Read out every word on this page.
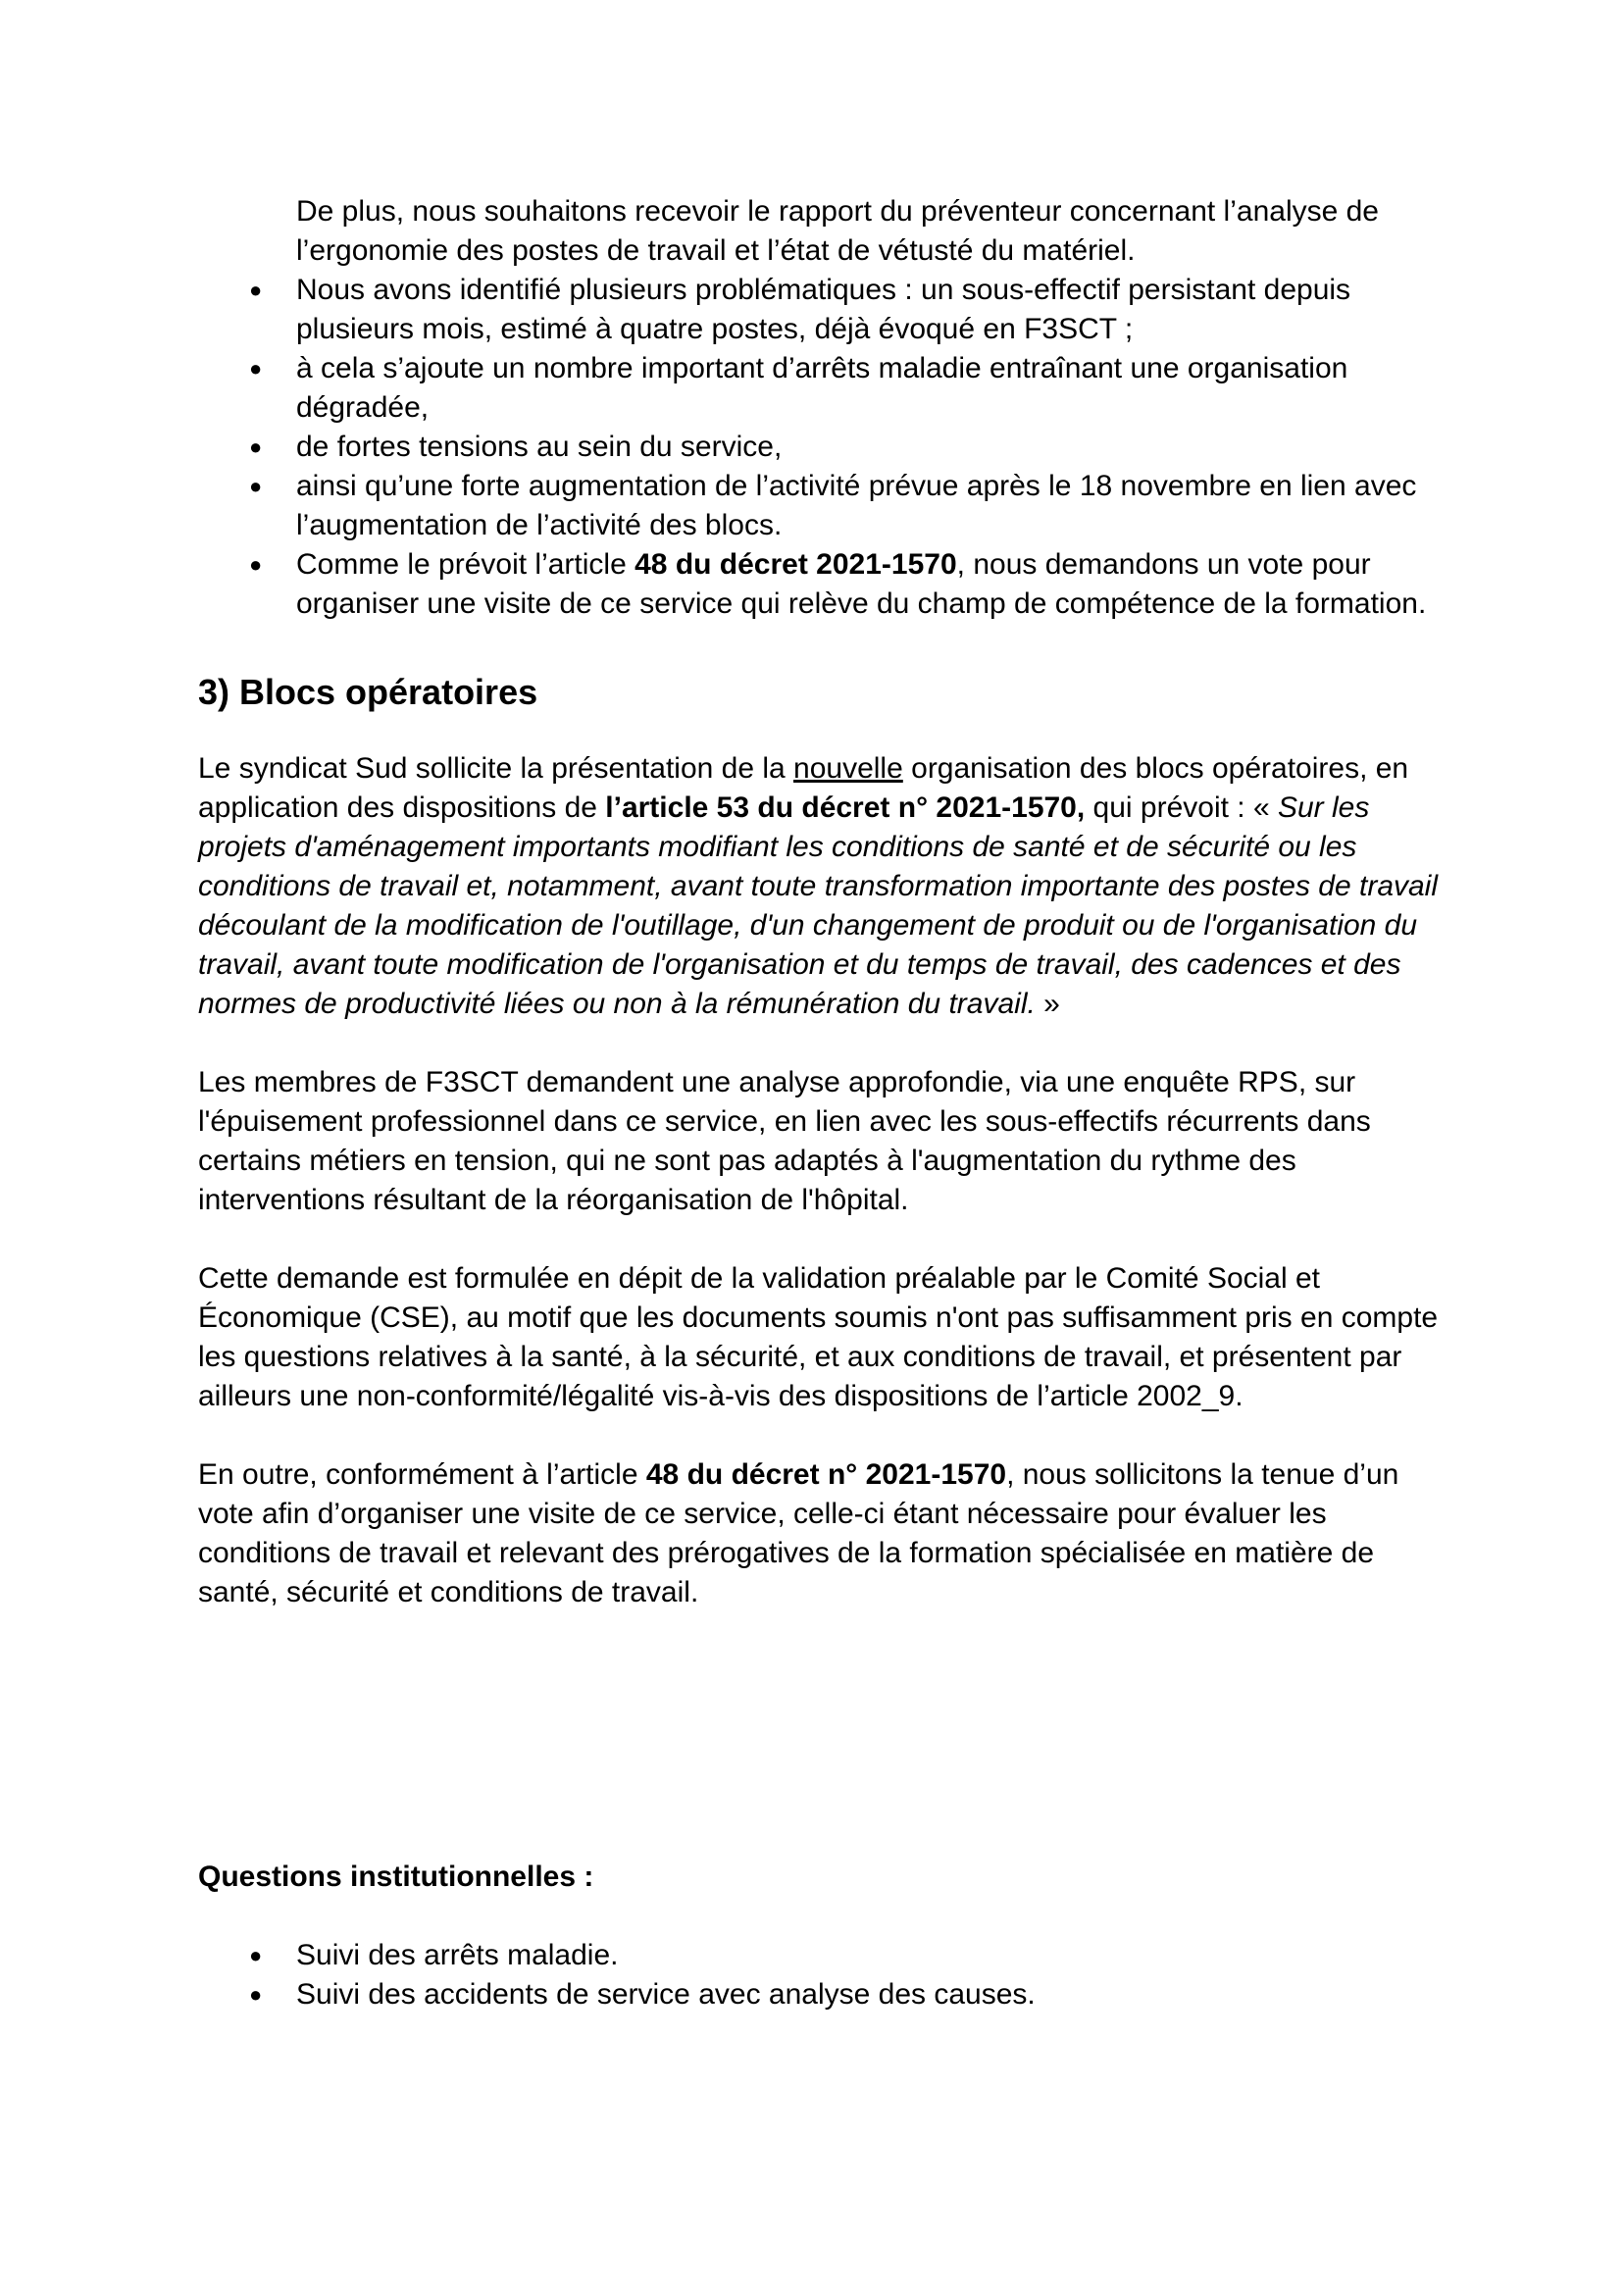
De plus, nous souhaitons recevoir le rapport du préventeur concernant l’analyse de l’ergonomie des postes de travail et l’état de vétusté du matériel.

● Nous avons identifié plusieurs problématiques : un sous-effectif persistant depuis plusieurs mois, estimé à quatre postes, déjà évoqué en F3SCT ;
● à cela s’ajoute un nombre important d’arrêts maladie entraînant une organisation dégradée,
● de fortes tensions au sein du service,
● ainsi qu’une forte augmentation de l’activité prévue après le 18 novembre en lien avec l’augmentation de l’activité des blocs.
● Comme le prévoit l’article 48 du décret 2021-1570, nous demandons un vote pour organiser une visite de ce service qui relève du champ de compétence de la formation.
3) Blocs opératoires

Le syndicat Sud sollicite la présentation de la nouvelle organisation des blocs opératoires, en application des dispositions de l’article 53 du décret n° 2021-1570, qui prévoit : « Sur les projets d'aménagement importants modifiant les conditions de santé et de sécurité ou les conditions de travail et, notamment, avant toute transformation importante des postes de travail découlant de la modification de l'outillage, d'un changement de produit ou de l'organisation du travail, avant toute modification de l'organisation et du temps de travail, des cadences et des normes de productivité liées ou non à la rémunération du travail. »

Les membres de F3SCT demandent une analyse approfondie, via une enquête RPS, sur l'épuisement professionnel dans ce service, en lien avec les sous-effectifs récurrents dans certains métiers en tension, qui ne sont pas adaptés à l'augmentation du rythme des interventions résultant de la réorganisation de l'hôpital.

Cette demande est formulée en dépit de la validation préalable par le Comité Social et Économique (CSE), au motif que les documents soumis n'ont pas suffisamment pris en compte les questions relatives à la santé, à la sécurité, et aux conditions de travail, et présentent par ailleurs une non-conformité/légalité vis-à-vis des dispositions de l’article 2002_9.

En outre, conformément à l’article 48 du décret n° 2021-1570, nous sollicitons la tenue d’un vote afin d’organiser une visite de ce service, celle-ci étant nécessaire pour évaluer les conditions de travail et relevant des prérogatives de la formation spécialisée en matière de santé, sécurité et conditions de travail.

Questions institutionnelles :

● Suivi des arrêts maladie.
● Suivi des accidents de service avec analyse des causes.
